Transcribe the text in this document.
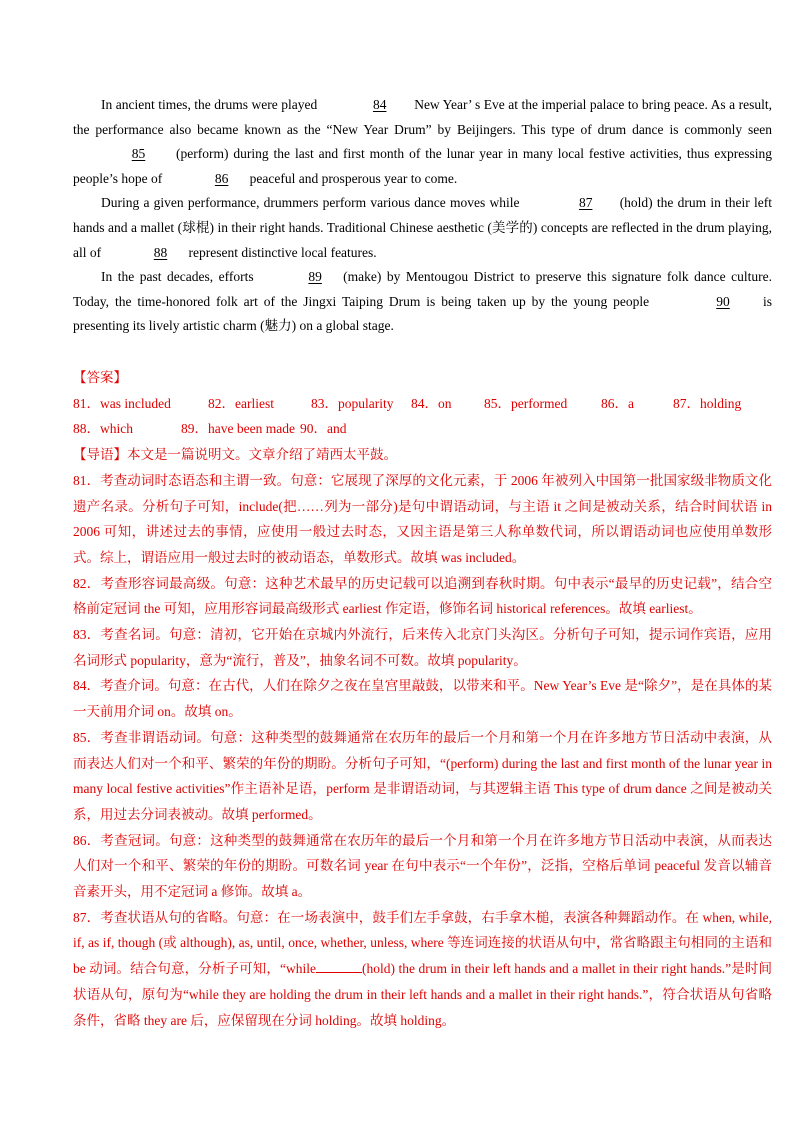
In ancient times, the drums were played	84 New Year’ s Eve at the imperial palace to bring peace. As a result, the performance also became known as the “New Year Drum” by Beijingers. This type of drum dance is commonly seen 85 (perform) during the last and first month of the lunar year in many local festive activities, thus expressing people’s hope of	86 peaceful and prosperous year to come.

During a given performance, drummers perform various dance moves while	87 (hold) the drum in their left hands and a mallet (球棍) in their right hands. Traditional Chinese aesthetic (美学的) concepts are reflected in the drum playing, all of	88 represent distinctive local features.

In the past decades, efforts	89 (make) by Mentougou District to preserve this signature folk dance culture. Today, the time-honored folk art of the Jingxi Taiping Drum is being taken up by the young people	90 is presenting its lively artistic charm (魅力) on a global stage.

【答案】

81．was included	82．earliest	83．popularity	84．on	85．performed	86．a	87．holding
88．which	89．have been made 90．and

【导语】本文是一篇说明文。文章介绍了靖西太平鼓。

81．考查动词时态语态和主谓一致。句意：它展现了深厚的文化元素，于 2006 年被列入中国第一批国家级非物质文化遗产名录。分析句子可知，include(把……列为一部分)是句中谓语动词，与主语 it 之间是被动关系，结合时间状语 in 2006 可知，讲述过去的事情，应使用一般过去时态，又因主语是第三人称单数代词，所以谓语动词也应使用单数形式。综上，谓语应用一般过去时的被动语态，单数形式。故填 was included。

82．考查形容词最高级。句意：这种艺术最早的历史记载可以追溯到春秋时期。句中表示“最早的历史记载”，结合空格前定冠词 the 可知，应用形容词最高级形式 earliest 作定语，修饰名词 historical references。故填 earliest。

83．考查名词。句意：清初，它开始在京城内外流行，后来传入北京门头沟区。分析句子可知，提示词作宾语，应用名词形式 popularity，意为“流行，普及”，抽象名词不可数。故填 popularity。

84．考查介词。句意：在古代，人们在除夕之夜在皇宫里敲鼓，以带来和平。New Year’s Eve 是“除夕”，是在具体的某一天前用介词 on。故填 on。

85．考查非谓语动词。句意：这种类型的鼓舞通常在农历年的最后一个月和第一个月在许多地方节日活动中表演，从而表达人们对一个和平、繁荣的年份的期盼。分析句子可知，“(perform) during the last and first month of the lunar year in many local festive activities”作主语补足语，perform 是非谓语动词，与其逻辑主语 This type of drum dance 之间是被动关系，用过去分词表被动。故填 performed。

86．考查冠词。句意：这种类型的鼓舞通常在农历年的最后一个月和第一个月在许多地方节日活动中表演，从而表达人们对一个和平、繁荣的年份的期盼。可数名词 year 在句中表示“一个年份”，泛指，空格后单词 peaceful 发音以辅音音素开头，用不定冠词 a 修饰。故填 a。

87．考查状语从句的省略。句意：在一场表演中，鼓手们左手拿鼓，右手拿木槌，表演各种舞蹈动作。在 when, while, if, as if, though (或 although), as, until, once, whether, unless, where 等连词连接的状语从句中，常省略跟主句相同的主语和 be 动词。结合句意，分析子可知，“while	(hold) the drum in their left hands and a mallet in their right hands.”是时间状语从句，原句为“while they are holding the drum in their left hands and a mallet in their right hands.”，符合状语从句省略条件，省略 they are 后，应保留现在分词 holding。故填 holding。
